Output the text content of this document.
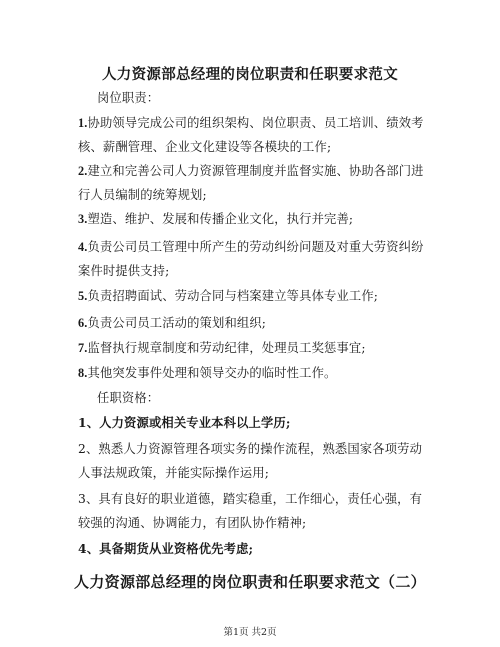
人力资源部总经理的岗位职责和任职要求范文
岗位职责：
1.协助领导完成公司的组织架构、岗位职责、员工培训、绩效考核、薪酬管理、企业文化建设等各模块的工作;
2.建立和完善公司人力资源管理制度并监督实施、协助各部门进行人员编制的统筹规划;
3.塑造、维护、发展和传播企业文化，执行并完善;
4.负责公司员工管理中所产生的劳动纠纷问题及对重大劳资纠纷案件时提供支持;
5.负责招聘面试、劳动合同与档案建立等具体专业工作;
6.负责公司员工活动的策划和组织;
7.监督执行规章制度和劳动纪律，处理员工奖惩事宜;
8.其他突发事件处理和领导交办的临时性工作。
任职资格：
1、人力资源或相关专业本科以上学历;
2、熟悉人力资源管理各项实务的操作流程，熟悉国家各项劳动人事法规政策，并能实际操作运用;
3、具有良好的职业道德，踏实稳重，工作细心，责任心强，有较强的沟通、协调能力，有团队协作精神;
4、具备期货从业资格优先考虑;
人力资源部总经理的岗位职责和任职要求范文（二）
第1页 共2页
